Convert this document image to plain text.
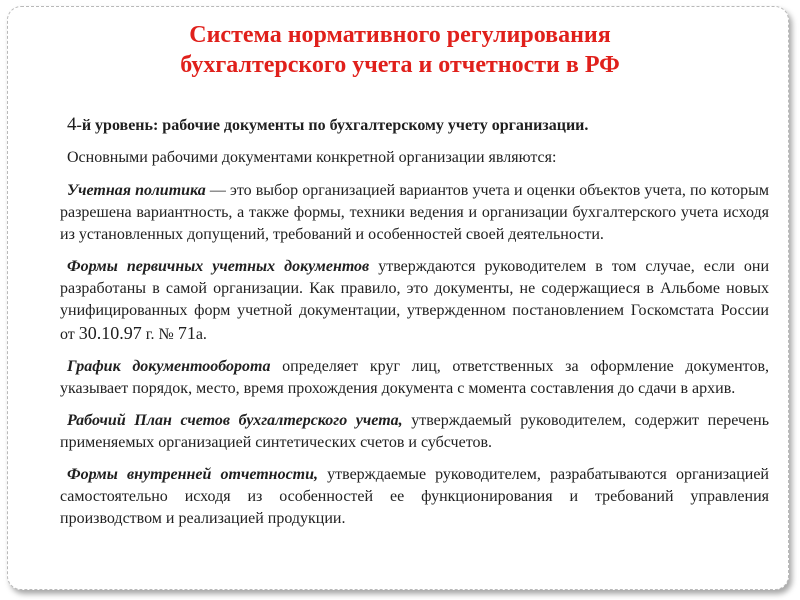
Система нормативного регулирования
бухгалтерского учета и отчетности в РФ

4-й уровень: рабочие документы по бухгалтерскому учету организации.

Основными рабочими документами конкретной организации являются:

Учетная политика — это выбор организацией вариантов учета и оценки объектов учета, по которым разрешена вариантность, а также формы, техники ведения и организации бухгалтерского учета исходя из установленных допущений, требований и особенностей своей деятельности.

Формы первичных учетных документов утверждаются руководителем в том случае, если они разработаны в самой организации. Как правило, это документы, не содержащиеся в Альбоме новых унифицированных форм учетной документации, утвержденном постановлением Госкомстата России от 30.10.97 г. № 71а.

График документооборота определяет круг лиц, ответственных за оформление документов, указывает порядок, место, время прохождения документа с момента составления до сдачи в архив.

Рабочий План счетов бухгалтерского учета, утверждаемый руководителем, содержит перечень применяемых организацией синтетических счетов и субсчетов.

Формы внутренней отчетности, утверждаемые руководителем, разрабатываются организацией самостоятельно исходя из особенностей ее функционирования и требований управления производством и реализацией продукции.
